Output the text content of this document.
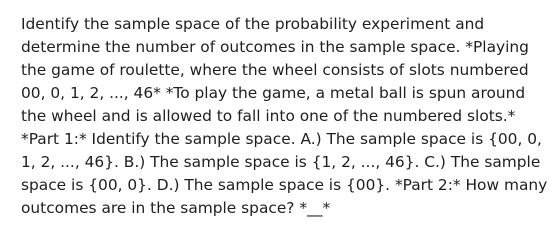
Identify the sample space of the probability experiment and determine the number of outcomes in the sample space. *Playing the game of roulette, where the wheel consists of slots numbered 00, 0, 1, 2, ..., 46* *To play the game, a metal ball is spun around the wheel and is allowed to fall into one of the numbered slots.* *Part 1:* Identify the sample space. A.) The sample space is {00, 0, 1, 2, ..., 46}. B.) The sample space is {1, 2, ..., 46}. C.) The sample space is {00, 0}. D.) The sample space is {00}. *Part 2:* How many outcomes are in the sample space? *__*
